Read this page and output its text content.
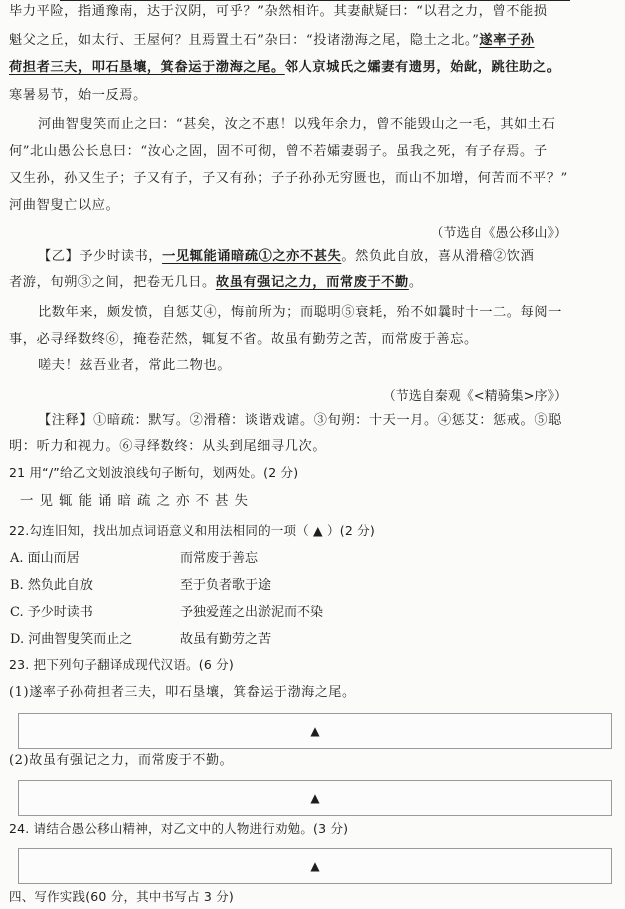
毕力平险，指通豫南，达于汉阴，可乎？”杂然相许。其妻献疑曰：“以君之力，曾不能损
魁父之丘，如太行、王屋何？且焉置土石”杂曰：“投诸渤海之尾，隐土之北。”遂率子孙
荷担者三夫，叩石垦壤，箕畚运于渤海之尾。邻人京城氏之孀妻有遗男，始龀，跳往助之。
寒暑易节，始一反焉。
河曲智叟笑而止之曰：“甚矣，汝之不惠！以残年余力，曾不能毁山之一毛，其如土石
何”北山愚公长息曰：“汝心之固，固不可彻，曾不若孀妻弱子。虽我之死，有子存焉。子
又生孙，孙又生子；子又有子，子又有孙；子子孙孙无穷匮也，而山不加增，何苦而不平？”
河曲智叟亡以应。
（节选自《愚公移山》）
【乙】予少时读书，一见辄能诵暗疏①之亦不甚失。然负此自放，喜从滑稽②饮酒
者游，旬朔③之间，把卷无几日。故虽有强记之力，而常废于不勤。
比数年来，颇发愤，自惩艾④，悔前所为；而聪明⑤衰耗，殆不如曩时十一二。每阅一
事，必寻绎数终⑥，掩卷茫然，辄复不省。故虽有勤劳之苦，而常废于善忘。
嗟夫！兹吾业者，常此二物也。
（节选自秦观《<精骑集>序》）
【注释】①暗疏：默写。②滑稽：谈谐戏谑。③旬朔：十天一月。④惩艾：惩戒。⑤聪
明：听力和视力。⑥寻绎数终：从头到尾细寻几次。
21 用“/”给乙文划波浪线句子断句，划两处。(2 分)
一见辄能诵暗疏之亦不甚失
22.勾连旧知，找出加点词语意义和用法相同的一项（ ▲ ）(2 分)
A. 面山而居	而常废于善忘
B. 然负此自放	至于负者歌于途
C. 予少时读书	予独爱莲之出淤泥而不染
D. 河曲智叟笑而止之	故虽有勤劳之苦
23. 把下列句子翻译成现代汉语。(6 分)
(1)遂率子孙荷担者三夫，叩石垦壤，箕畚运于渤海之尾。
▲
(2)故虽有强记之力，而常废于不勤。
▲
24. 请结合愚公移山精神，对乙文中的人物进行劝勉。(3 分)
▲
四、写作实践(60 分，其中书写占 3 分)
